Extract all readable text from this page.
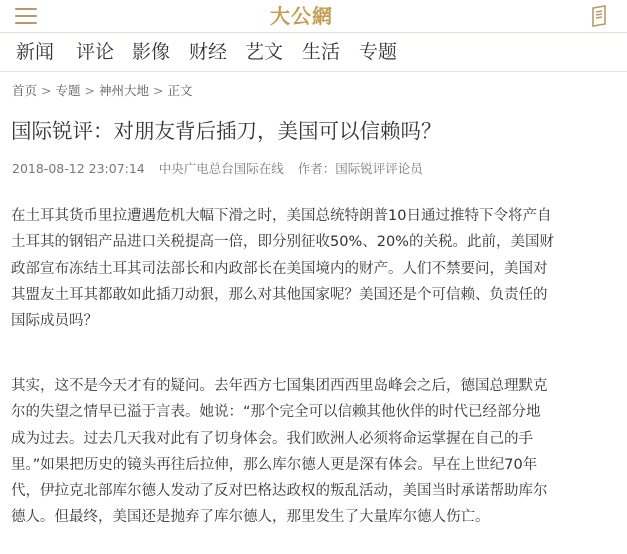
大公網
新闻 评论 影像 财经 艺文 生活 专题
首页 > 专题 > 神州大地 > 正文
国际锐评：对朋友背后插刀，美国可以信赖吗？
2018-08-12 23:07:14 中央广电总台国际在线 作者：国际锐评评论员
在土耳其货币里拉遭遇危机大幅下滑之时，美国总统特朗普10日通过推特下令将产自
土耳其的钢铝产品进口关税提高一倍，即分别征收50%、20%的关税。此前，美国财
政部宣布冻结土耳其司法部长和内政部长在美国境内的财产。人们不禁要问，美国对
其盟友土耳其都敢如此插刀动狠，那么对其他国家呢？美国还是个可信赖、负责任的
国际成员吗？
其实，这不是今天才有的疑问。去年西方七国集团西西里岛峰会之后，德国总理默克
尔的失望之情早已溢于言表。她说：“那个完全可以信赖其他伙伴的时代已经部分地
成为过去。过去几天我对此有了切身体会。我们欧洲人必须将命运掌握在自己的手
里。”如果把历史的镜头再往后拉伸，那么库尔德人更是深有体会。早在上世纪70年
代，伊拉克北部库尔德人发动了反对巴格达政权的叛乱活动，美国当时承诺帮助库尔
德人。但最终，美国还是抛弃了库尔德人，那里发生了大量库尔德人伤亡。
